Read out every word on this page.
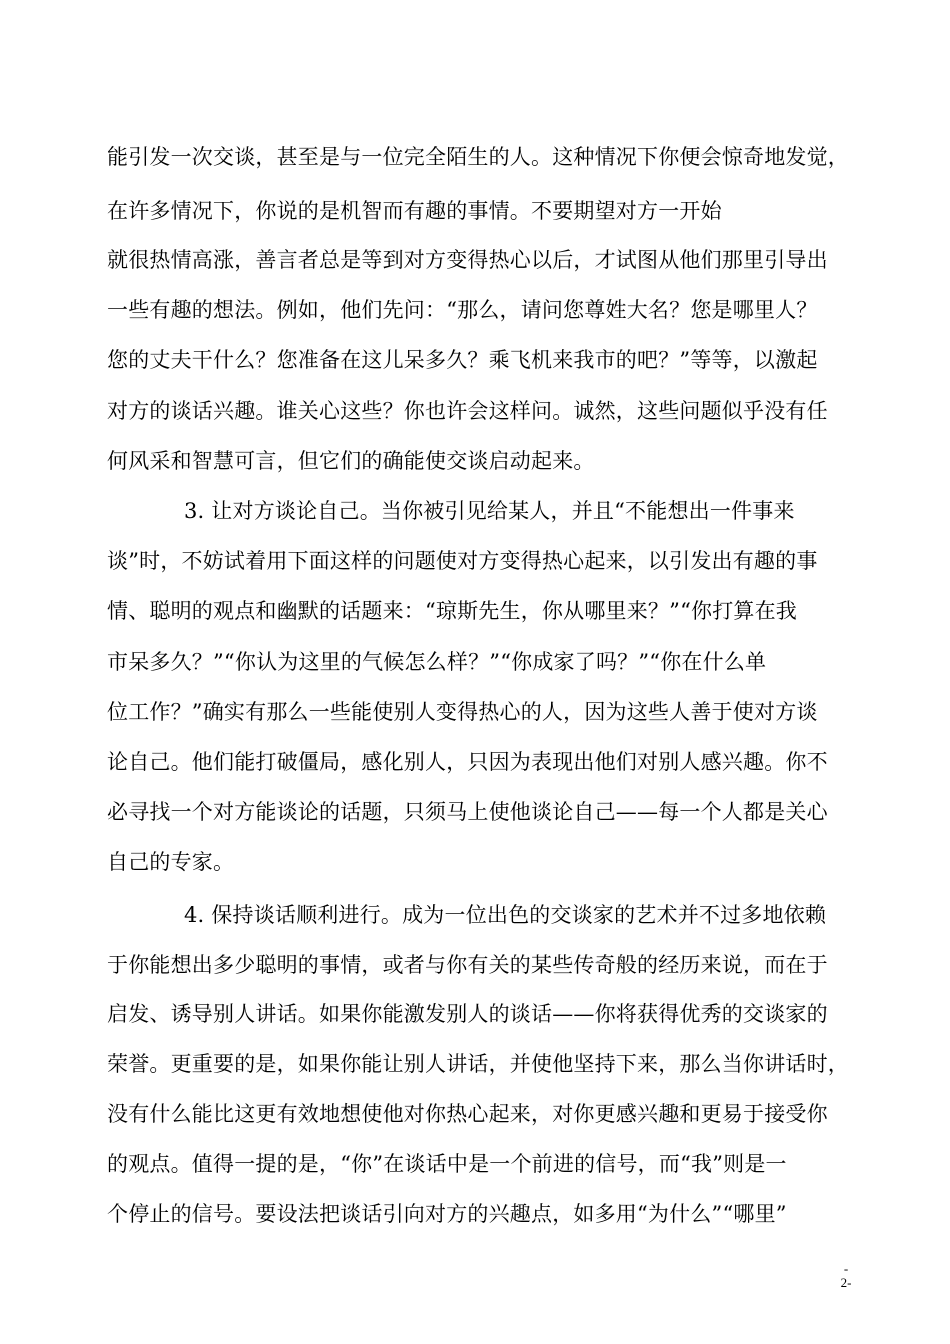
能引发一次交谈，甚至是与一位完全陌生的人。这种情况下你便会惊奇地发觉，
在许多情况下，你说的是机智而有趣的事情。不要期望对方一开始
就很热情高涨，善言者总是等到对方变得热心以后，才试图从他们那里引导出
一些有趣的想法。例如，他们先问：“那么，请问您尊姓大名？您是哪里人？
您的丈夫干什么？您准备在这儿呆多久？乘飞机来我市的吧？”等等，以激起
对方的谈话兴趣。谁关心这些？你也许会这样问。诚然，这些问题似乎没有任
何风采和智慧可言，但它们的确能使交谈启动起来。
3. 让对方谈论自己。当你被引见给某人，并且“不能想出一件事来
谈”时，不妨试着用下面这样的问题使对方变得热心起来，以引发出有趣的事
情、聪明的观点和幽默的话题来：“琼斯先生，你从哪里来？”“你打算在我
市呆多久？”“你认为这里的气候怎么样？”“你成家了吗？”“你在什么单
位工作？”确实有那么一些能使别人变得热心的人，因为这些人善于使对方谈
论自己。他们能打破僵局，感化别人，只因为表现出他们对别人感兴趣。你不
必寻找一个对方能谈论的话题，只须马上使他谈论自己——每一个人都是关心
自己的专家。
4. 保持谈话顺利进行。成为一位出色的交谈家的艺术并不过多地依赖
于你能想出多少聪明的事情，或者与你有关的某些传奇般的经历来说，而在于
启发、诱导别人讲话。如果你能激发别人的谈话——你将获得优秀的交谈家的
荣誉。更重要的是，如果你能让别人讲话，并使他坚持下来，那么当你讲话时，
没有什么能比这更有效地想使他对你热心起来，对你更感兴趣和更易于接受你
的观点。值得一提的是，“你”在谈话中是一个前进的信号，而“我”则是一
个停止的信号。要设法把谈话引向对方的兴趣点，如多用“为什么”“哪里”
-
2-
